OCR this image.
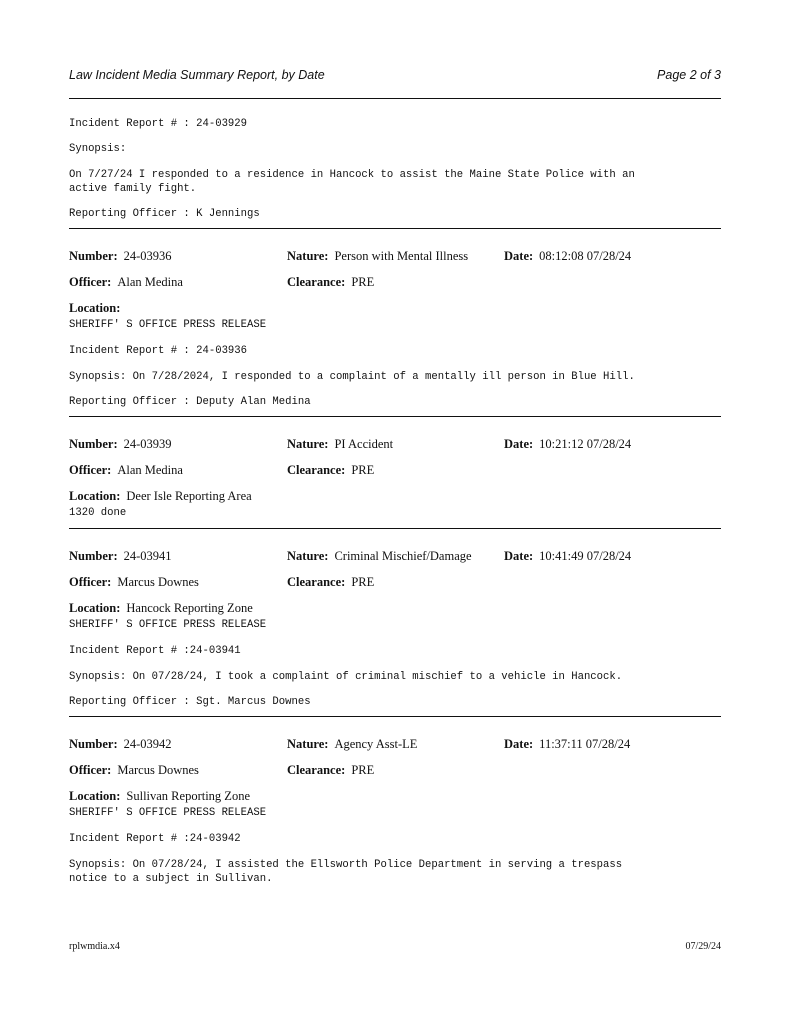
Law Incident Media Summary Report, by Date	Page 2 of 3
Incident Report # : 24-03929
Synopsis:
On 7/27/24 I responded to a residence in Hancock to assist the Maine State Police with an
active family fight.
Reporting Officer : K Jennings
Number: 24-03936	Nature: Person with Mental Illness	Date: 08:12:08 07/28/24
Officer: Alan Medina	Clearance: PRE
Location:
SHERIFF' S OFFICE PRESS RELEASE
Incident Report # : 24-03936
Synopsis: On 7/28/2024, I responded to a complaint of a mentally ill person in Blue Hill.
Reporting Officer : Deputy Alan Medina
Number: 24-03939	Nature: PI Accident	Date: 10:21:12 07/28/24
Officer: Alan Medina	Clearance: PRE
Location: Deer Isle Reporting Area
1320 done
Number: 24-03941	Nature: Criminal Mischief/Damage	Date: 10:41:49 07/28/24
Officer: Marcus Downes	Clearance: PRE
Location: Hancock Reporting Zone
SHERIFF' S OFFICE PRESS RELEASE
Incident Report # :24-03941
Synopsis: On 07/28/24, I took a complaint of criminal mischief to a vehicle in Hancock.
Reporting Officer : Sgt. Marcus Downes
Number: 24-03942	Nature: Agency Asst-LE	Date: 11:37:11 07/28/24
Officer: Marcus Downes	Clearance: PRE
Location: Sullivan Reporting Zone
SHERIFF' S OFFICE PRESS RELEASE
Incident Report # :24-03942
Synopsis: On 07/28/24, I assisted the Ellsworth Police Department in serving a trespass
notice to a subject in Sullivan.
rplwmdia.x4	07/29/24
